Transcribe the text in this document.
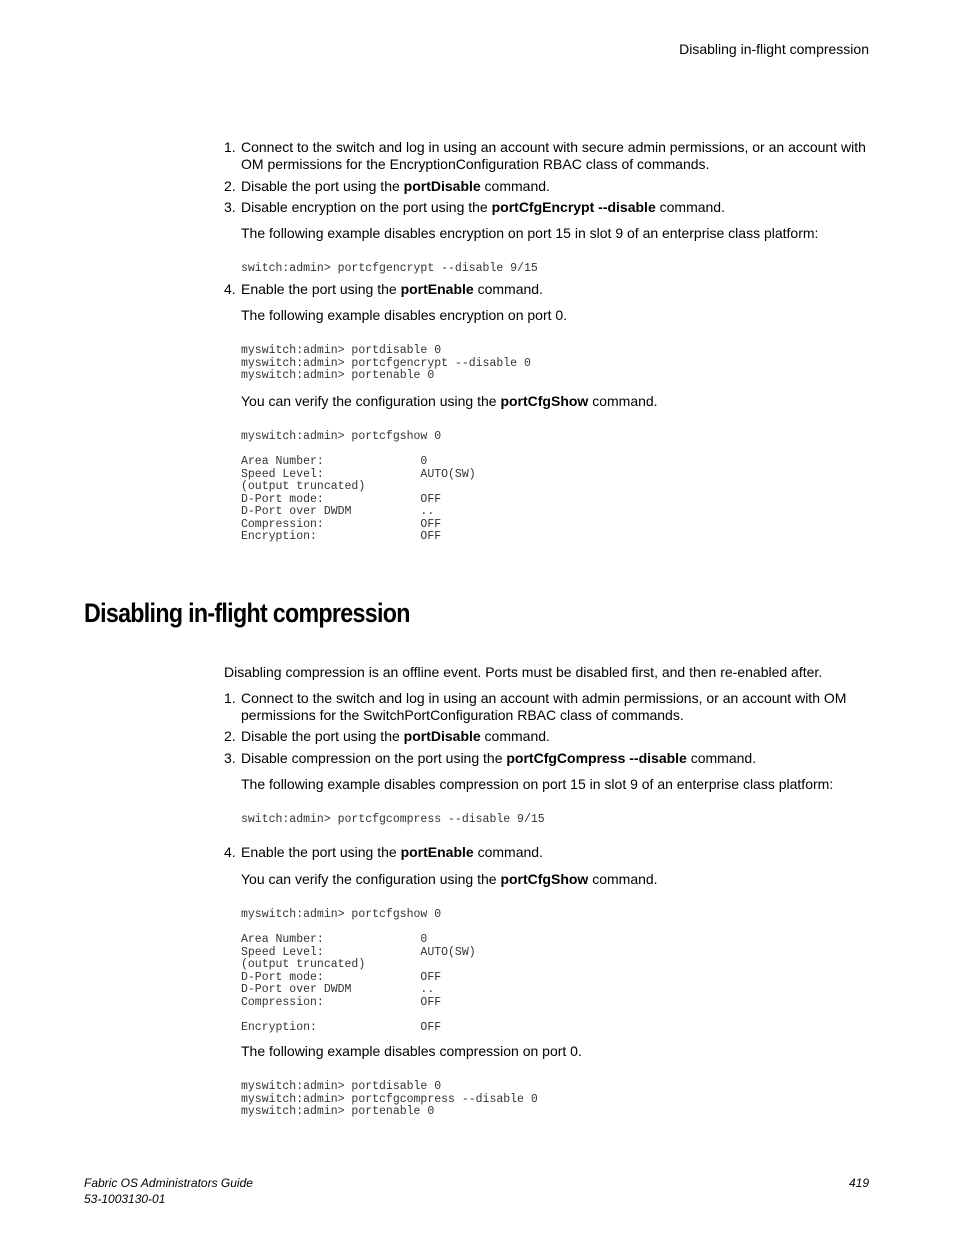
Disabling in-flight compression
1. Connect to the switch and log in using an account with secure admin permissions, or an account with
OM permissions for the EncryptionConfiguration RBAC class of commands.
2. Disable the port using the portDisable command.
3. Disable encryption on the port using the portCfgEncrypt --disable command.
The following example disables encryption on port 15 in slot 9 of an enterprise class platform:
switch:admin> portcfgencrypt --disable 9/15
4. Enable the port using the portEnable command.
The following example disables encryption on port 0.
myswitch:admin> portdisable 0
myswitch:admin> portcfgencrypt --disable 0
myswitch:admin> portenable 0
You can verify the configuration using the portCfgShow command.
myswitch:admin> portcfgshow 0

Area Number:              0
Speed Level:              AUTO(SW)
(output truncated)
D-Port mode:              OFF
D-Port over DWDM          ..
Compression:              OFF
Encryption:               OFF
Disabling in-flight compression
Disabling compression is an offline event. Ports must be disabled first, and then re-enabled after.
1. Connect to the switch and log in using an account with admin permissions, or an account with OM
permissions for the SwitchPortConfiguration RBAC class of commands.
2. Disable the port using the portDisable command.
3. Disable compression on the port using the portCfgCompress --disable command.
The following example disables compression on port 15 in slot 9 of an enterprise class platform:
switch:admin> portcfgcompress --disable 9/15
4. Enable the port using the portEnable command.
You can verify the configuration using the portCfgShow command.
myswitch:admin> portcfgshow 0

Area Number:              0
Speed Level:              AUTO(SW)
(output truncated)
D-Port mode:              OFF
D-Port over DWDM          ..
Compression:              OFF

Encryption:               OFF
The following example disables compression on port 0.
myswitch:admin> portdisable 0
myswitch:admin> portcfgcompress --disable 0
myswitch:admin> portenable 0
Fabric OS Administrators Guide
53-1003130-01
419
